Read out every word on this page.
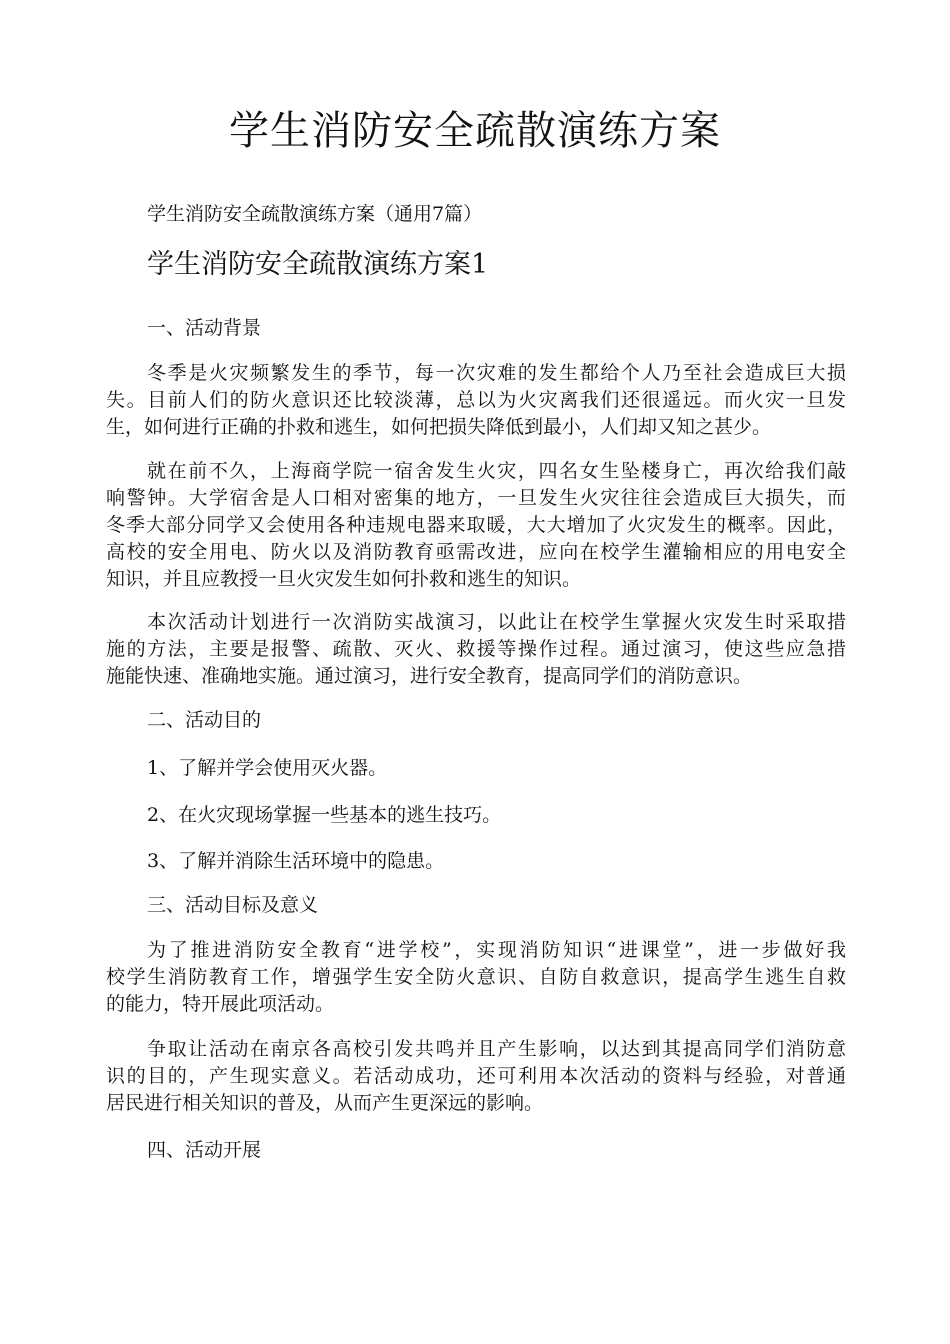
学生消防安全疏散演练方案

学生消防安全疏散演练方案（通用7篇）

学生消防安全疏散演练方案1

一、活动背景

冬季是火灾频繁发生的季节，每一次灾难的发生都给个人乃至社会造成巨大损

失。目前人们的防火意识还比较淡薄，总以为火灾离我们还很遥远。而火灾一旦发

生，如何进行正确的扑救和逃生，如何把损失降低到最小，人们却又知之甚少。

就在前不久，上海商学院一宿舍发生火灾，四名女生坠楼身亡，再次给我们敲

响警钟。大学宿舍是人口相对密集的地方，一旦发生火灾往往会造成巨大损失，而

冬季大部分同学又会使用各种违规电器来取暖，大大增加了火灾发生的概率。因此，

高校的安全用电、防火以及消防教育亟需改进，应向在校学生灌输相应的用电安全

知识，并且应教授一旦火灾发生如何扑救和逃生的知识。

本次活动计划进行一次消防实战演习，以此让在校学生掌握火灾发生时采取措

施的方法，主要是报警、疏散、灭火、救援等操作过程。通过演习，使这些应急措

施能快速、准确地实施。通过演习，进行安全教育，提高同学们的消防意识。

二、活动目的

1、了解并学会使用灭火器。

2、在火灾现场掌握一些基本的逃生技巧。

3、了解并消除生活环境中的隐患。

三、活动目标及意义

为了推进消防安全教育“进学校”，实现消防知识“进课堂”，进一步做好我

校学生消防教育工作，增强学生安全防火意识、自防自救意识，提高学生逃生自救

的能力，特开展此项活动。

争取让活动在南京各高校引发共鸣并且产生影响，以达到其提高同学们消防意

识的目的，产生现实意义。若活动成功，还可利用本次活动的资料与经验，对普通

居民进行相关知识的普及，从而产生更深远的影响。

四、活动开展
